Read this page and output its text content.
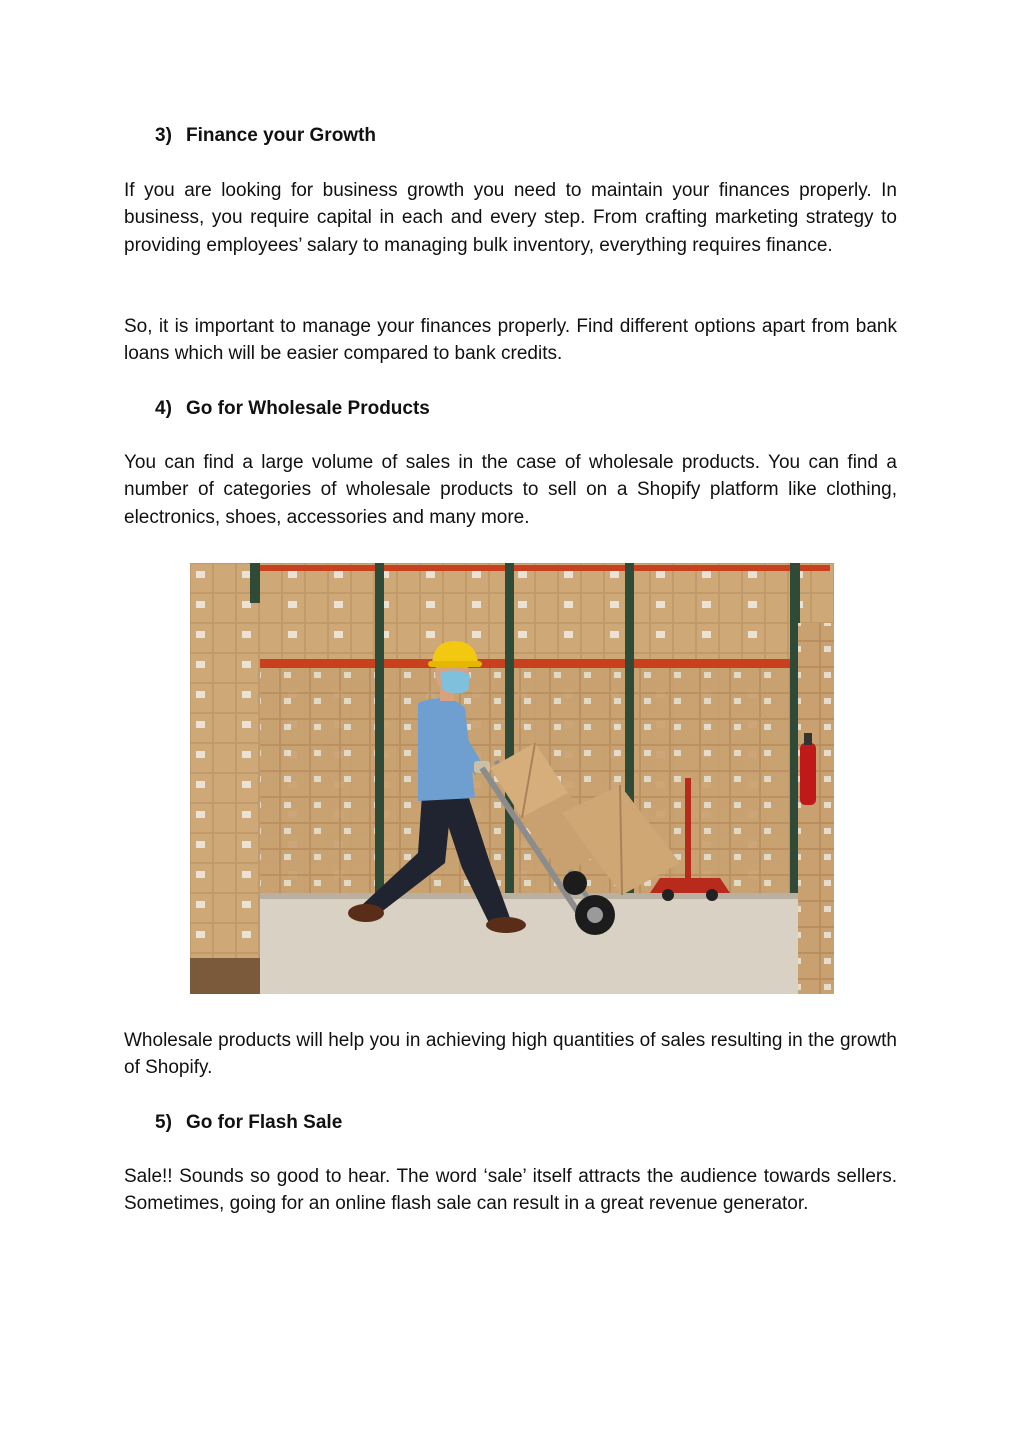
3) Finance your Growth

If you are looking for business growth you need to maintain your finances properly. In business, you require capital in each and every step. From crafting marketing strategy to providing employees’ salary to managing bulk inventory, everything requires finance.

So, it is important to manage your finances properly. Find different options apart from bank loans which will be easier compared to bank credits.

4) Go for Wholesale Products

You can find a large volume of sales in the case of wholesale products. You can find a number of categories of wholesale products to sell on a Shopify platform like clothing, electronics, shoes, accessories and many more.

Wholesale products will help you in achieving high quantities of sales resulting in the growth of Shopify.

5) Go for Flash Sale

Sale!! Sounds so good to hear. The word ‘sale’ itself attracts the audience towards sellers. Sometimes, going for an online flash sale can result in a great revenue generator.
